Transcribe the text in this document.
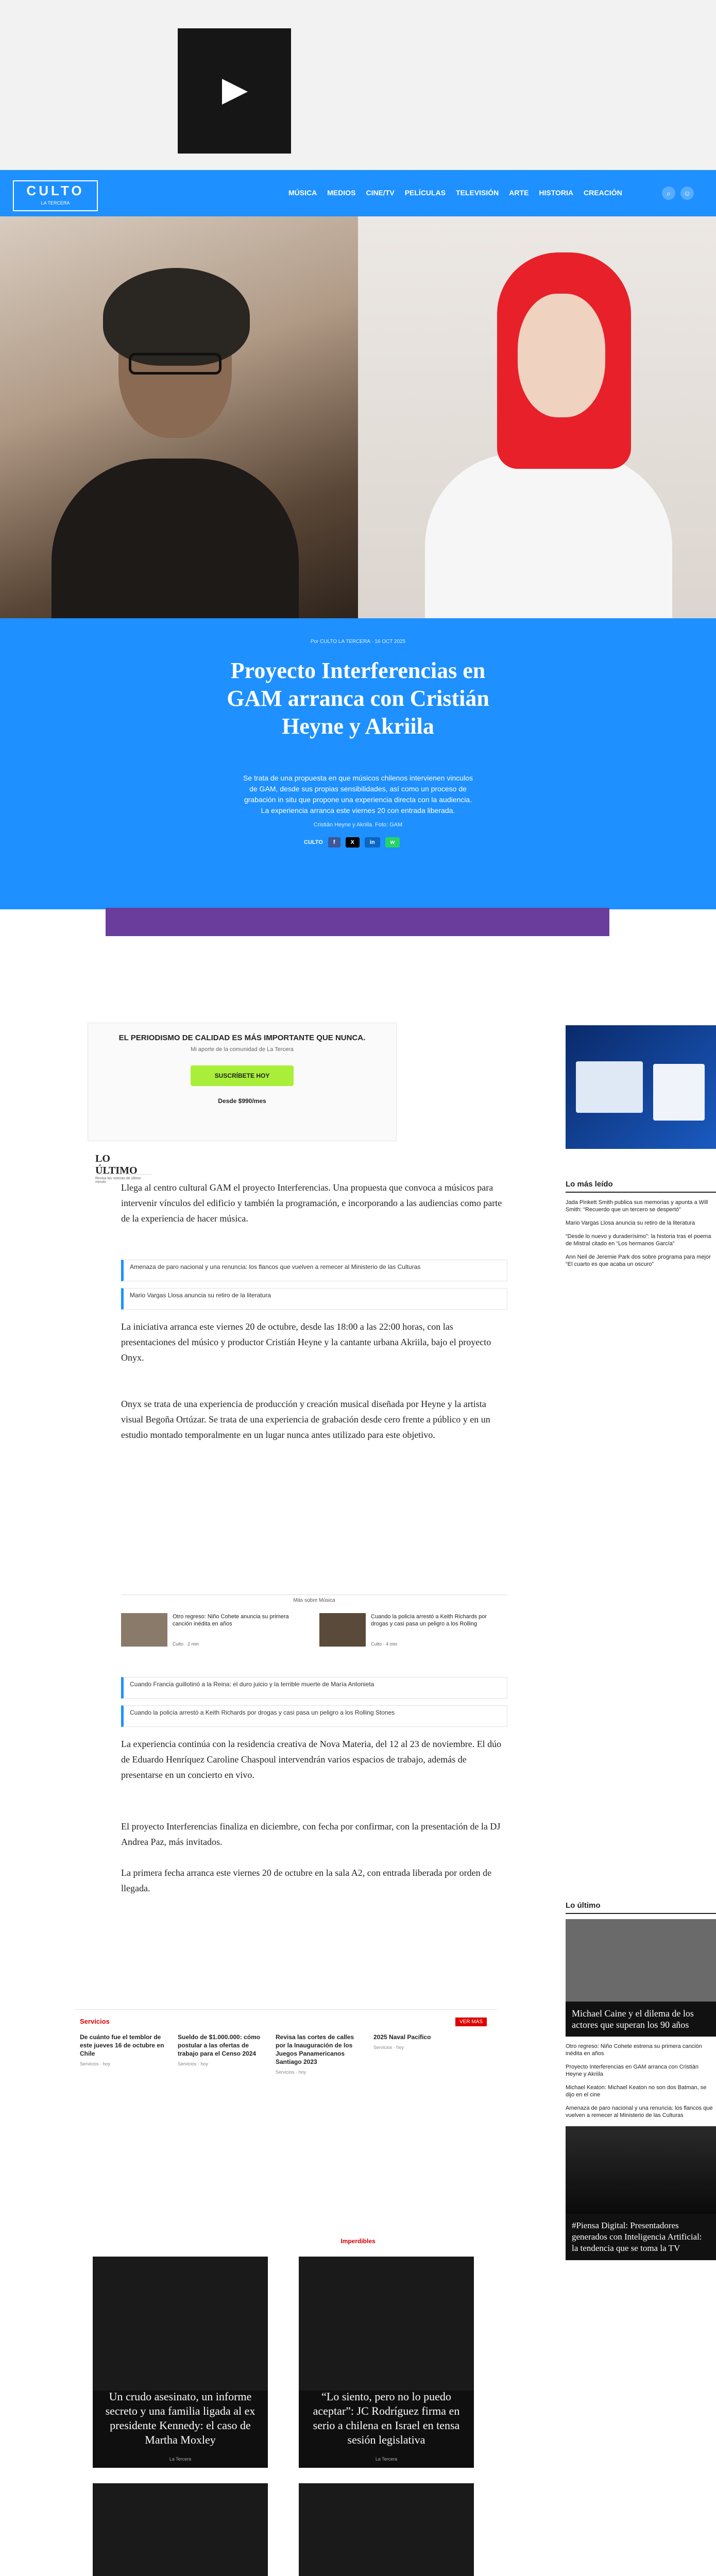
CULTO
LA TERCERA
MÚSICA MEDIOS CINE/TV PELÍCULAS TELEVISIÓN ARTE HISTORIA CREACIÓN	⌕	☺
Por CULTO LA TERCERA · 16 OCT 2025
Proyecto Interferencias en GAM arranca con Cristián Heyne y Akriila

Se trata de una propuesta en que músicos chilenos intervienen vinculos de GAM, desde sus propias sensibilidades, así como un proceso de grabación in situ que propone una experiencia directa con la audiencia. La experiencia arranca este viernes 20 con entrada liberada.

Cristián Heyne y Akriila. Foto: GAM
CULTO	f	X	in	w
EL PERIODISMO DE CALIDAD ES MÁS IMPORTANTE QUE NUNCA.
Mi aporte de la comunidad de La Tercera
SUSCRÍBETE HOY
Desde $990/mes
LO ÚLTIMO
Revisa las noticias de último minuto

Llega al centro cultural GAM el proyecto Interferencias. Una propuesta que convoca a músicos para intervenir vínculos del edificio y también la programación, e incorporando a las audiencias como parte de la experiencia de hacer música.

Amenaza de paro nacional y una renuncia: los flancos que vuelven a remecer al Ministerio de las Culturas
Mario Vargas Llosa anuncia su retiro de la literatura

La iniciativa arranca este viernes 20 de octubre, desde las 18:00 a las 22:00 horas, con las presentaciones del músico y productor Cristián Heyne y la cantante urbana Akriila, bajo el proyecto Onyx.

Onyx se trata de una experiencia de producción y creación musical diseñada por Heyne y la artista visual Begoña Ortúzar. Se trata de una experiencia de grabación desde cero frente a público y en un estudio montado temporalmente en un lugar nunca antes utilizado para este objetivo.

Más sobre Música
Otro regreso: Niño Cohete anuncia su primera canción inédita en años
Culto · 2 min
Cuando la policía arrestó a Keith Richards por drogas y casi pasa un peligro a los Rolling
Culto · 4 min
Cuando Francia guillotinó a la Reina: el duro juicio y la terrible muerte de María Antonieta
Cuando la policía arrestó a Keith Richards por drogas y casi pasa un peligro a los Rolling Stones

La experiencia continúa con la residencia creativa de Nova Materia, del 12 al 23 de noviembre. El dúo de Eduardo Henríquez Caroline Chaspoul intervendrán varios espacios de trabajo, además de presentarse en un concierto en vivo.

El proyecto Interferencias finaliza en diciembre, con fecha por confirmar, con la presentación de la DJ Andrea Paz, más invitados.

La primera fecha arranca este viernes 20 de octubre en la sala A2, con entrada liberada por orden de llegada.

Servicios	VER MÁS
De cuánto fue el temblor de este jueves 16 de octubre en Chile
Servicios · hoy
Sueldo de $1.000.000: cómo postular a las ofertas de trabajo para el Censo 2024
Servicios · hoy
Revisa las cortes de calles por la Inauguración de los Juegos Panamericanos Santiago 2023
Servicios · hoy
2025 Naval Pacífico
Servicios · hoy
Imperdibles
Un crudo asesinato, un informe secreto y una familia ligada al ex presidente Kennedy: el caso de Martha Moxley
La Tercera
“Lo siento, pero no lo puedo aceptar”: JC Rodríguez firma en serio a chilena en Israel en tensa sesión legislativa
La Tercera
Lo más leído
Jada Pinkett Smith publica sus memorias y apunta a Will Smith: “Recuerdo que un tercero se despertó”
Mario Vargas Llosa anuncia su retiro de la literatura
“Desde lo nuevo y duraderísimo”: la historia tras el poema de Mistral citado en “Los hermanos García”
Ann Neil de Jeremie Park dos sobre programa para mejor “El cuarto es que acaba un oscuro”
Lo último
Michael Caine y el dilema de los actores que superan los 90 años
Otro regreso: Niño Cohete estrena su primera canción inédita en años
Proyecto Interferencias en GAM arranca con Cristián Heyne y Akriila
Michael Keaton: Michael Keaton no son dos Batman, se dijo en el cine
Amenaza de paro nacional y una renuncia: los flancos que vuelven a remecer al Ministerio de las Culturas
#Piensa Digital: Presentadores generados con Inteligencia Artificial: la tendencia que se toma la TV
